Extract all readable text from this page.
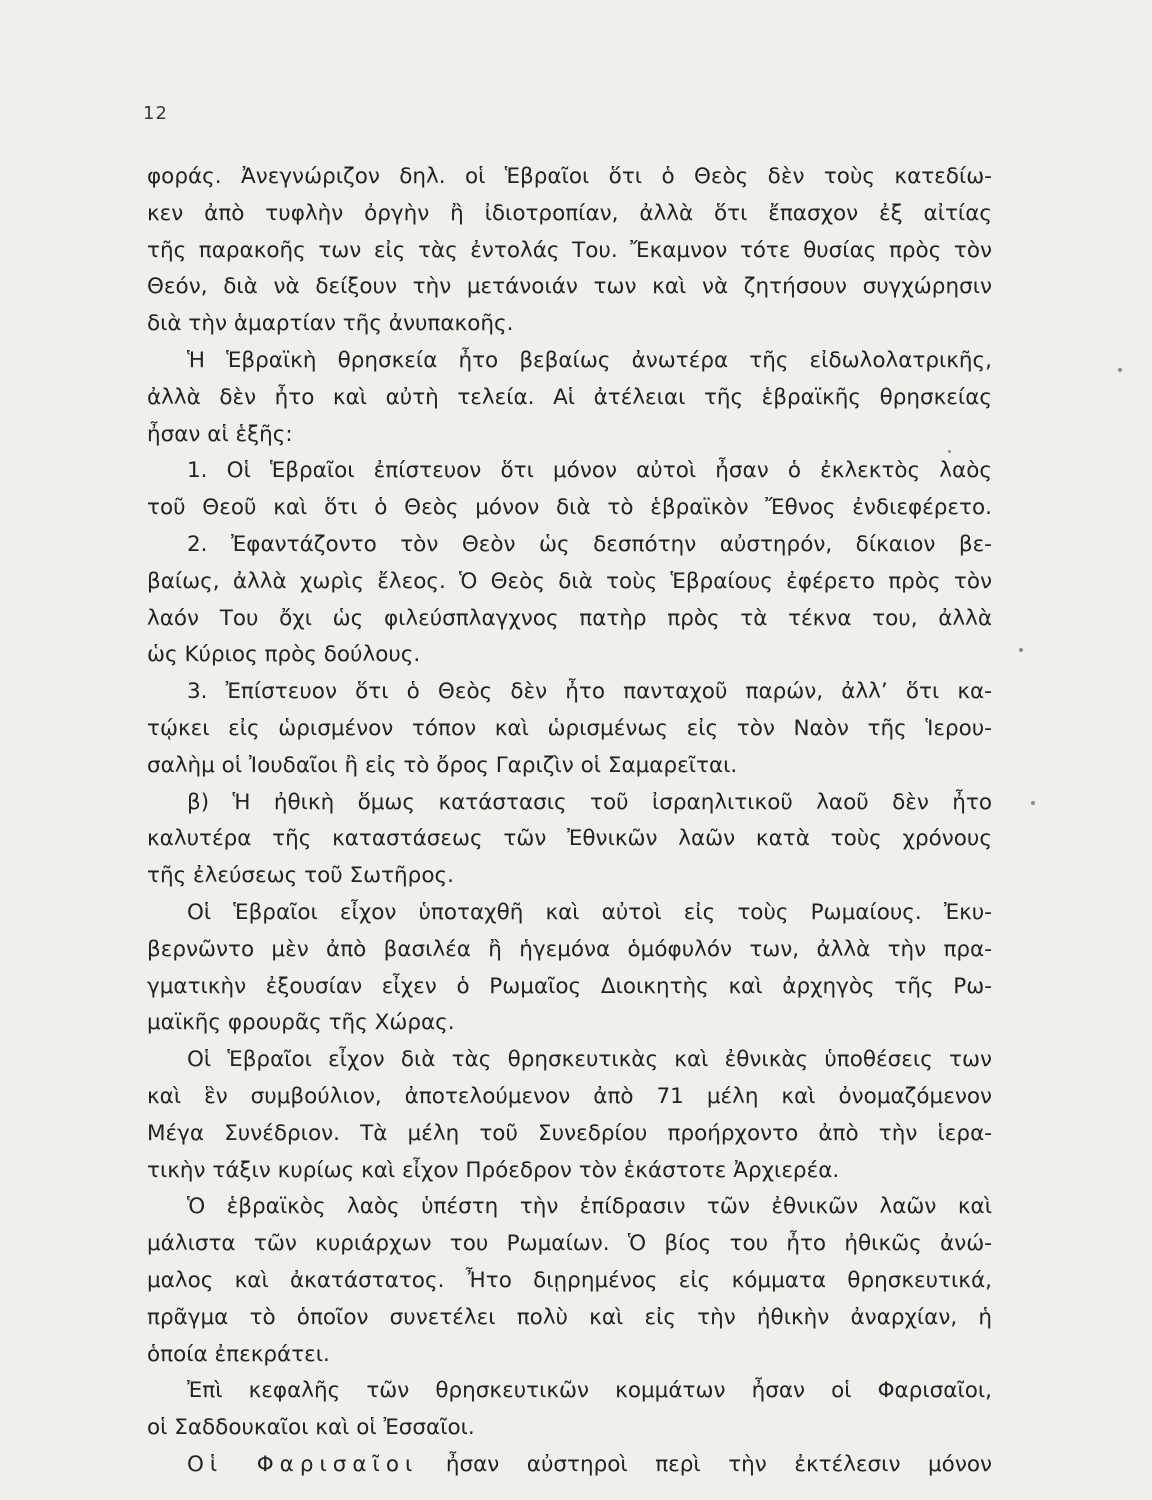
12
φοράς. Ἀνεγνώριζον δηλ. οἱ Ἑβραῖοι ὅτι ὁ Θεὸς δὲν τοὺς κατεδίω-
κεν ἀπὸ τυφλὴν ὀργὴν ἢ ἰδιοτροπίαν, ἀλλὰ ὅτι ἔπασχον ἐξ αἰτίας
τῆς παρακοῆς των εἰς τὰς ἐντολάς Του. Ἔκαμνον τότε θυσίας πρὸς τὸν
Θεόν, διὰ νὰ δείξουν τὴν μετάνοιάν των καὶ νὰ ζητήσουν συγχώρησιν
διὰ τὴν ἁμαρτίαν τῆς ἀνυπακοῆς.
Ἡ Ἑβραϊκὴ θρησκεία ἦτο βεβαίως ἀνωτέρα τῆς εἰδωλολατρικῆς,
ἀλλὰ δὲν ἦτο καὶ αὐτὴ τελεία. Αἱ ἀτέλειαι τῆς ἑβραϊκῆς θρησκείας
ἦσαν αἱ ἑξῆς:
1. Οἱ Ἑβραῖοι ἐπίστευον ὅτι μόνον αὐτοὶ ἦσαν ὁ ἐκλεκτὸς λαὸς
τοῦ Θεοῦ καὶ ὅτι ὁ Θεὸς μόνον διὰ τὸ ἑβραϊκὸν Ἔθνος ἐνδιεφέρετο.
2. Ἐφαντάζοντο τὸν Θεὸν ὡς δεσπότην αὐστηρόν, δίκαιον βε-
βαίως, ἀλλὰ χωρὶς ἔλεος. Ὁ Θεὸς διὰ τοὺς Ἑβραίους ἐφέρετο πρὸς τὸν
λαόν Του ὄχι ὡς φιλεύσπλαγχνος πατὴρ πρὸς τὰ τέκνα του, ἀλλὰ
ὡς Κύριος πρὸς δούλους.
3. Ἐπίστευον ὅτι ὁ Θεὸς δὲν ἦτο πανταχοῦ παρών, ἀλλ’ ὅτι κα-
τῴκει εἰς ὡρισμένον τόπον καὶ ὡρισμένως εἰς τὸν Ναὸν τῆς Ἱερου-
σαλὴμ οἱ Ἰουδαῖοι ἢ εἰς τὸ ὄρος Γαριζὶν οἱ Σαμαρεῖται.
β) Ἡ ἠθικὴ ὅμως κατάστασις τοῦ ἰσραηλιτικοῦ λαοῦ δὲν ἦτο
καλυτέρα τῆς καταστάσεως τῶν Ἐθνικῶν λαῶν κατὰ τοὺς χρόνους
τῆς ἐλεύσεως τοῦ Σωτῆρος.
Οἱ Ἑβραῖοι εἶχον ὑποταχθῆ καὶ αὐτοὶ εἰς τοὺς Ρωμαίους. Ἐκυ-
βερνῶντο μὲν ἀπὸ βασιλέα ἢ ἡγεμόνα ὁμόφυλόν των, ἀλλὰ τὴν πρα-
γματικὴν ἐξουσίαν εἶχεν ὁ Ρωμαῖος Διοικητὴς καὶ ἀρχηγὸς τῆς Ρω-
μαϊκῆς φρουρᾶς τῆς Χώρας.
Οἱ Ἑβραῖοι εἶχον διὰ τὰς θρησκευτικὰς καὶ ἐθνικὰς ὑποθέσεις των
καὶ ἓν συμβούλιον, ἀποτελούμενον ἀπὸ 71 μέλη καὶ ὀνομαζόμενον
Μέγα Συνέδριον. Τὰ μέλη τοῦ Συνεδρίου προήρχοντο ἀπὸ τὴν ἱερα-
τικὴν τάξιν κυρίως καὶ εἶχον Πρόεδρον τὸν ἑκάστοτε Ἀρχιερέα.
Ὁ ἑβραϊκὸς λαὸς ὑπέστη τὴν ἐπίδρασιν τῶν ἐθνικῶν λαῶν καὶ
μάλιστα τῶν κυριάρχων του Ρωμαίων. Ὁ βίος του ἦτο ἠθικῶς ἀνώ-
μαλος καὶ ἀκατάστατος. Ἦτο διῃρημένος εἰς κόμματα θρησκευτικά,
πρᾶγμα τὸ ὁποῖον συνετέλει πολὺ καὶ εἰς τὴν ἠθικὴν ἀναρχίαν, ἡ
ὁποία ἐπεκράτει.
Ἐπὶ κεφαλῆς τῶν θρησκευτικῶν κομμάτων ἦσαν οἱ Φαρισαῖοι,
οἱ Σαδδουκαῖοι καὶ οἱ Ἐσσαῖοι.
Οἱ Φαρισαῖοι ἦσαν αὐστηροὶ περὶ τὴν ἐκτέλεσιν μόνον
